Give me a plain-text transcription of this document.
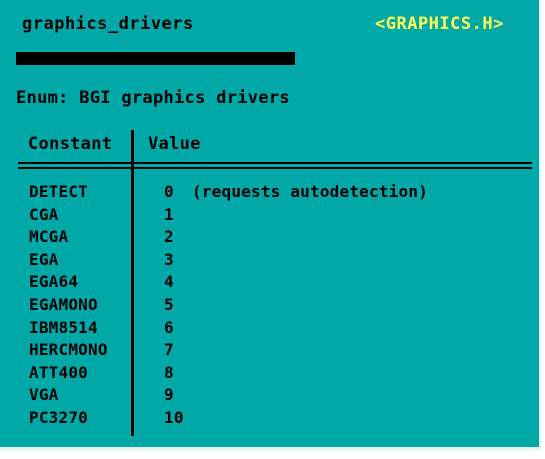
graphics_drivers	<GRAPHICS.H>
Enum: BGI graphics drivers
Constant Value
DETECT	0 (requests autodetection)
CGA	1
MCGA	2
EGA	3
EGA64	4
EGAMONO	5
IBM8514	6
HERCMONO	7
ATT400	8
VGA	9
PC3270	10
